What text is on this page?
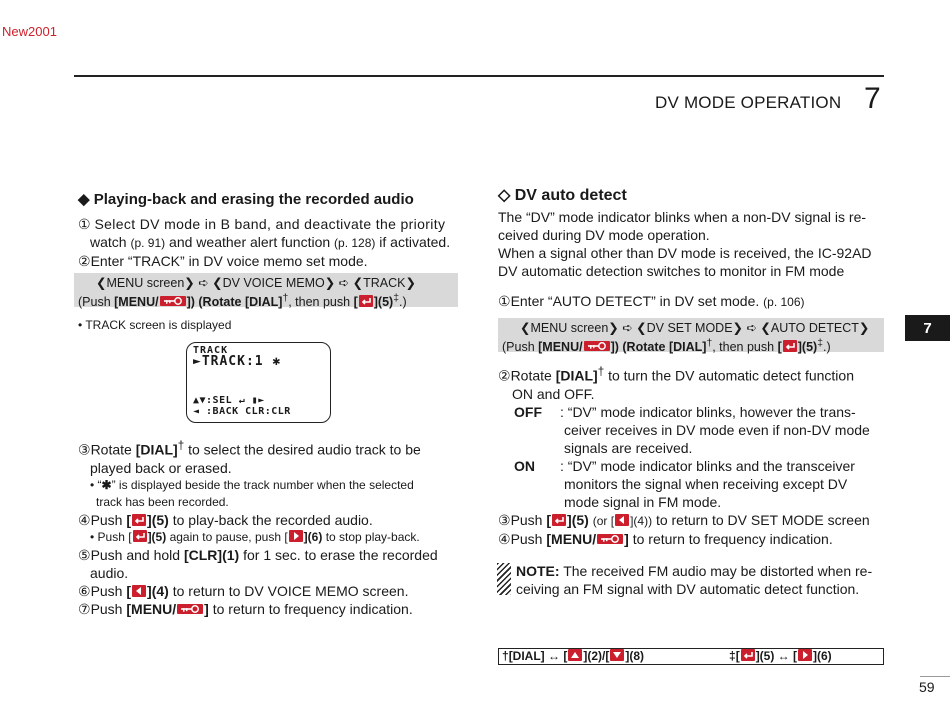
New2001
DV MODE OPERATION 7
7
◆ Playing-back and erasing the recorded audio
① Select DV mode in B band, and deactivate the priority
watch (p. 91) and weather alert function (p. 128) if activated.
②Enter “TRACK” in DV voice memo set mode.
❮MENU screen❯ ➪ ❮DV VOICE MEMO❯ ➪ ❮TRACK❯
(Push [MENU/ ]) (Rotate [DIAL]†, then push [ ](5)‡.)
• TRACK screen is displayed
TRACK
►TRACK:1 ✱
▲▼:SEL ↵ ▮►
◄ :BACK CLR:CLR
③Rotate [DIAL]† to select the desired audio track to be
played back or erased.
• “✱” is displayed beside the track number when the selected
track has been recorded.
④Push [ ](5) to play-back the recorded audio.
• Push [ ](5) again to pause, push [ ](6) to stop play-back.
⑤Push and hold [CLR](1) for 1 sec. to erase the recorded
audio.
⑥Push [ ](4) to return to DV VOICE MEMO screen.
⑦Push [MENU/ ] to return to frequency indication.
◇ DV auto detect
The “DV” mode indicator blinks when a non-DV signal is re-
ceived during DV mode operation.
When a signal other than DV mode is received, the IC-92AD
DV automatic detection switches to monitor in FM mode
①Enter “AUTO DETECT” in DV set mode. (p. 106)
❮MENU screen❯ ➪ ❮DV SET MODE❯ ➪ ❮AUTO DETECT❯
(Push [MENU/ ]) (Rotate [DIAL]†, then push [ ](5)‡.)
②Rotate [DIAL]† to turn the DV automatic detect function
ON and OFF.
OFF : “DV” mode indicator blinks, however the trans-
ceiver receives in DV mode even if non-DV mode
signals are received.
ON : “DV” mode indicator blinks and the transceiver
monitors the signal when receiving except DV
mode signal in FM mode.
③Push [ ](5) (or [ ](4)) to return to DV SET MODE screen
④Push [MENU/ ] to return to frequency indication.
NOTE: The received FM audio may be distorted when re-
ceiving an FM signal with DV automatic detect function.
†[DIAL] ↔ [ ](2)/[ ](8)	‡[ ](5) ↔ [ ](6)
59
